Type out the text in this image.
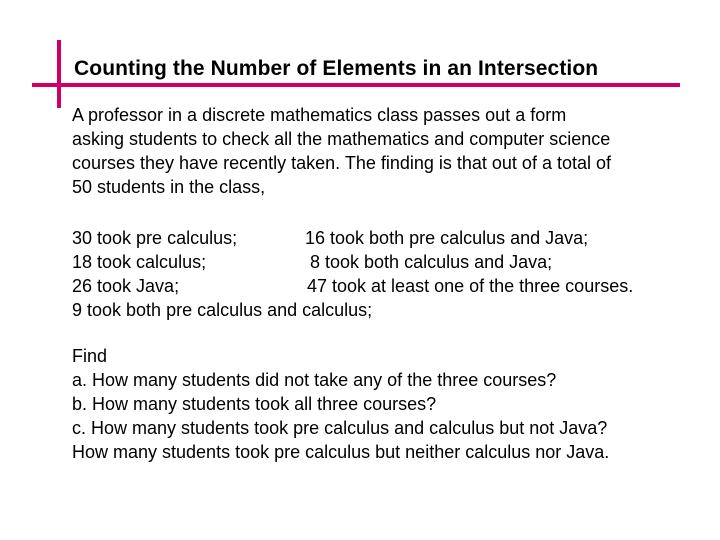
Counting the Number of Elements in an Intersection
A professor in a discrete mathematics class passes out a form
asking students to check all the mathematics and computer science
courses they have recently taken. The finding is that out of a total of
50 students in the class,
30 took pre calculus;	16 took both pre calculus and Java;
18 took calculus;	8 took both calculus and Java;
26 took Java;	47 took at least one of the three courses.
9 took both pre calculus and calculus;
Find
a. How many students did not take any of the three courses?
b. How many students took all three courses?
c. How many students took pre calculus and calculus but not Java?
How many students took pre calculus but neither calculus nor Java.
